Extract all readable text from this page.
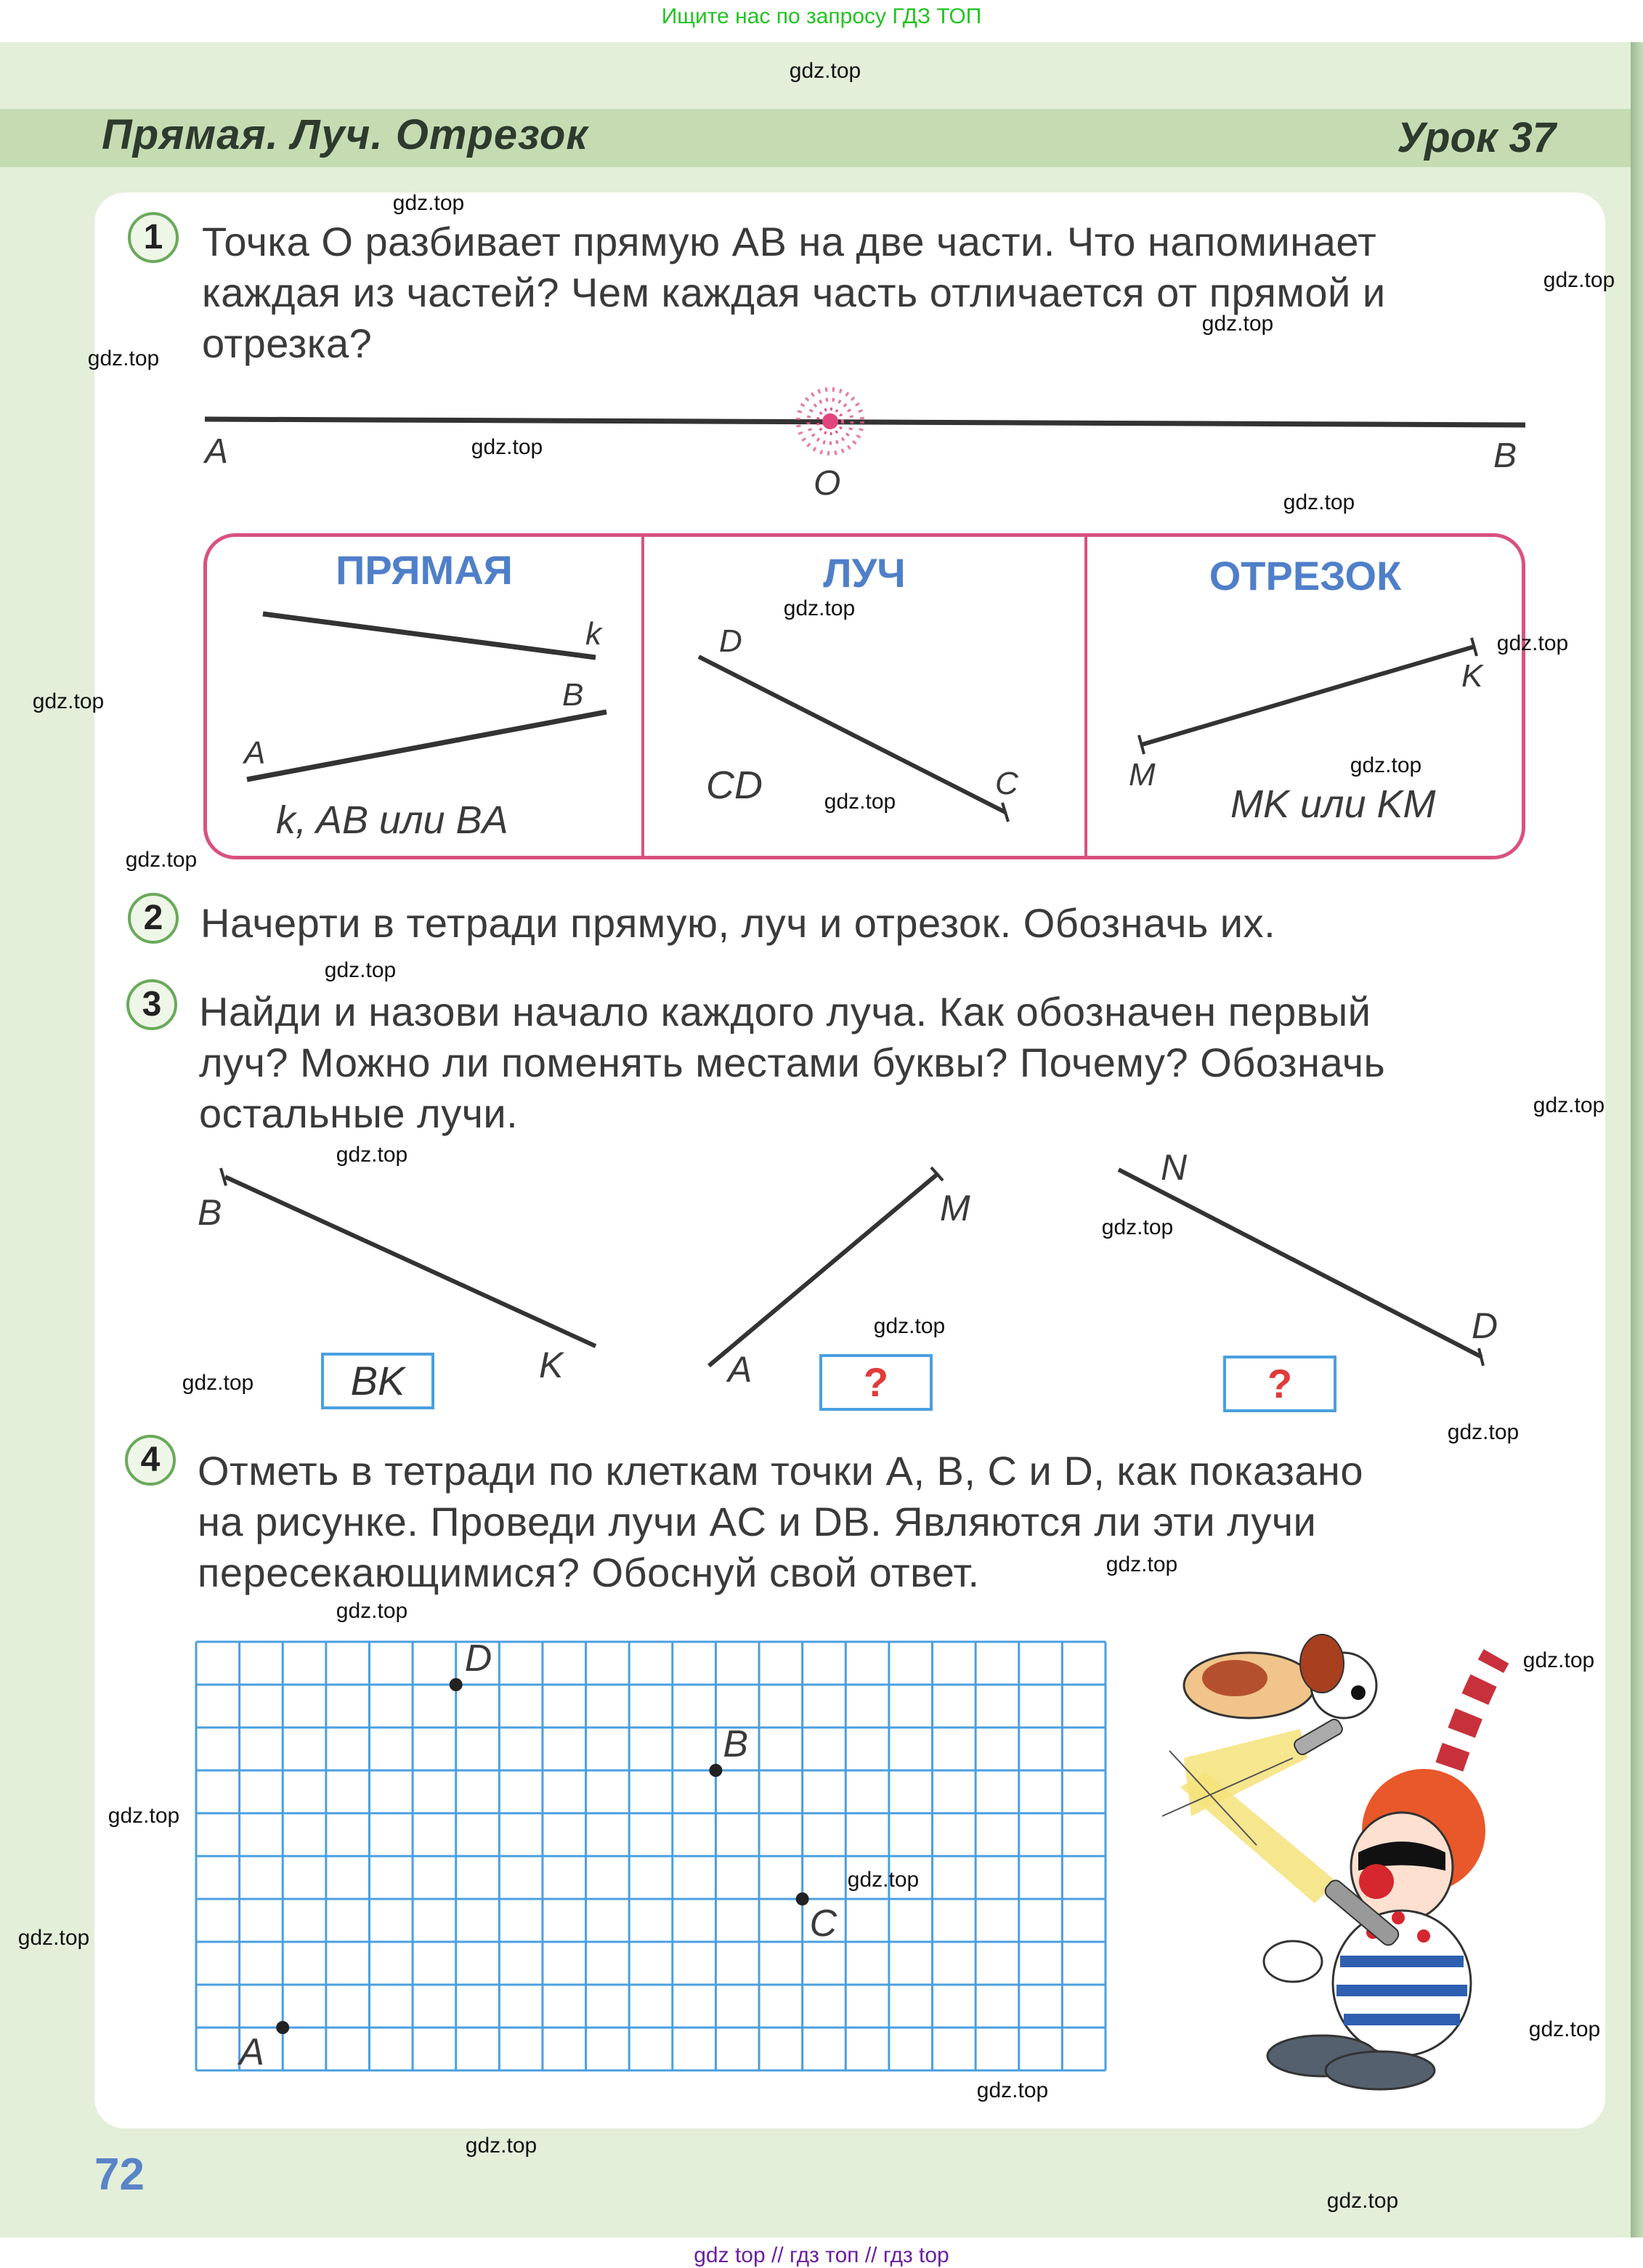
Ищите нас по запросу ГДЗ ТОП
Прямая. Луч. Отрезок	Урок 37
1 Точка O разбивает прямую AB на две части. Что напоминает
каждая из частей? Чем каждая часть отличается от прямой и
отрезка?
A
O
B
ПРЯМАЯ	ЛУЧ	ОТРЕЗОК
k
A
B
k, AB или BA
D
C
CD
K
M
MK или KM
2 Начерти в тетради прямую, луч и отрезок. Обозначь их.
3 Найди и назови начало каждого луча. Как обозначен первый
луч? Можно ли поменять местами буквы? Почему? Обозначь
остальные лучи.
B
K
M
A
N
D
BK	?	?
4 Отметь в тетради по клеткам точки A, B, C и D, как показано
на рисунке. Проведи лучи AC и DB. Являются ли эти лучи
пересекающимися? Обоснуй свой ответ.
D
B
C
A
72
gdz.top
gdz.top
gdz.top
gdz.top
gdz.top
gdz.top
gdz.top
gdz.top
gdz.top
gdz.top
gdz.top
gdz.top
gdz.top
gdz.top
gdz.top
gdz.top
gdz.top
gdz.top
gdz.top
gdz.top
gdz.top
gdz.top
gdz.top
gdz.top
gdz.top
gdz.top
gdz.top
gdz.top
gdz.top
gdz.top
gdz top // гдз топ // гдз top
